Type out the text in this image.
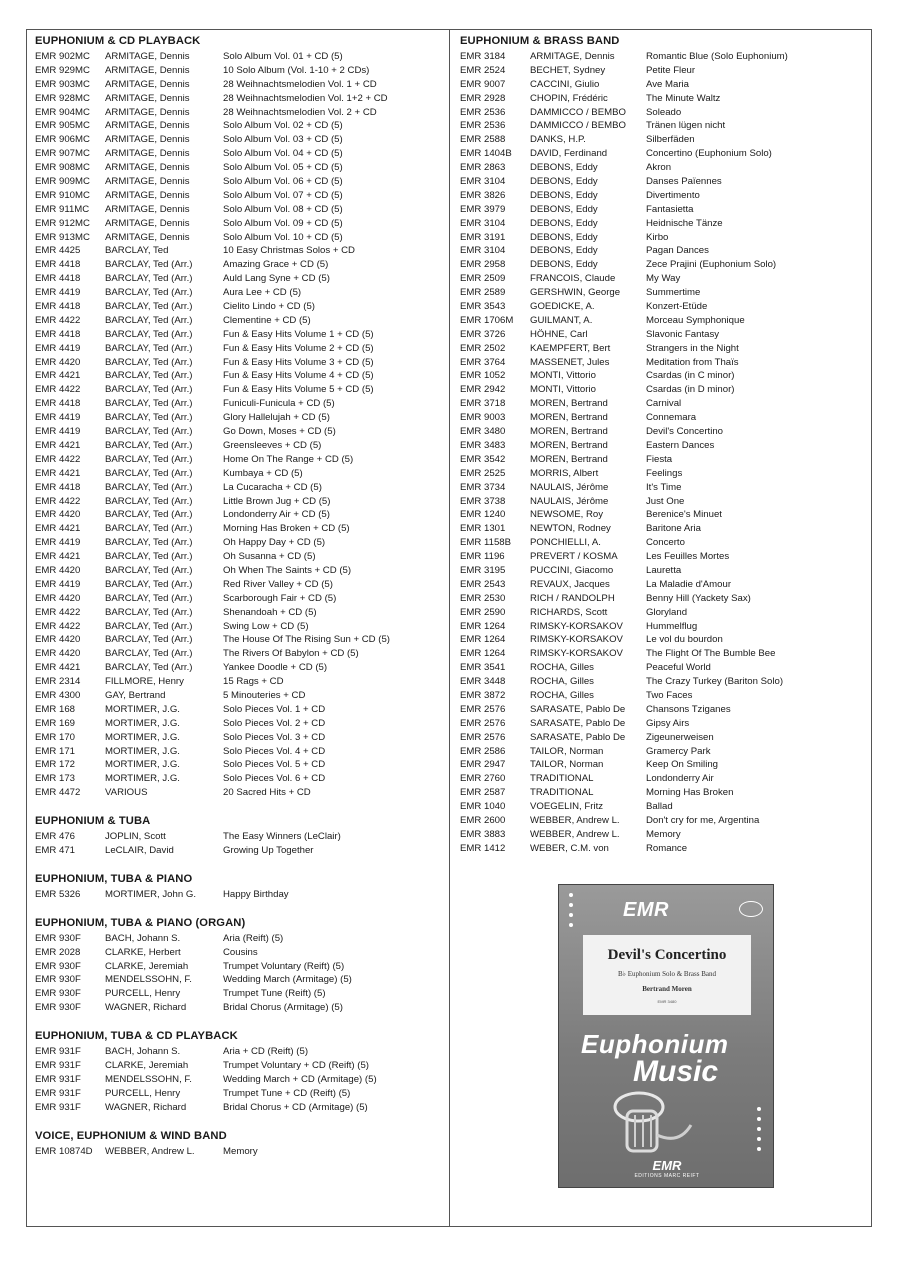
EUPHONIUM & CD PLAYBACK
EMR 902MC	ARMITAGE, Dennis	Solo Album Vol. 01 + CD (5)
EMR 929MC	ARMITAGE, Dennis	10 Solo Album (Vol. 1-10 + 2 CDs)
EMR 903MC	ARMITAGE, Dennis	28 Weihnachtsmelodien Vol. 1 + CD
EMR 928MC	ARMITAGE, Dennis	28 Weihnachtsmelodien Vol. 1+2 + CD
EMR 904MC	ARMITAGE, Dennis	28 Weihnachtsmelodien Vol. 2 + CD
EMR 905MC	ARMITAGE, Dennis	Solo Album Vol. 02 + CD (5)
EMR 906MC	ARMITAGE, Dennis	Solo Album Vol. 03 + CD (5)
EMR 907MC	ARMITAGE, Dennis	Solo Album Vol. 04 + CD (5)
EMR 908MC	ARMITAGE, Dennis	Solo Album Vol. 05 + CD (5)
EMR 909MC	ARMITAGE, Dennis	Solo Album Vol. 06 + CD (5)
EMR 910MC	ARMITAGE, Dennis	Solo Album Vol. 07 + CD (5)
EMR 911MC	ARMITAGE, Dennis	Solo Album Vol. 08 + CD (5)
EMR 912MC	ARMITAGE, Dennis	Solo Album Vol. 09 + CD (5)
EMR 913MC	ARMITAGE, Dennis	Solo Album Vol. 10 + CD (5)
EMR 4425	BARCLAY, Ted	10 Easy Christmas Solos + CD
EMR 4418	BARCLAY, Ted (Arr.)	Amazing Grace + CD (5)
EMR 4418	BARCLAY, Ted (Arr.)	Auld Lang Syne + CD (5)
EMR 4419	BARCLAY, Ted (Arr.)	Aura Lee + CD (5)
EMR 4418	BARCLAY, Ted (Arr.)	Cielito Lindo + CD (5)
EMR 4422	BARCLAY, Ted (Arr.)	Clementine + CD (5)
EMR 4418	BARCLAY, Ted (Arr.)	Fun & Easy Hits Volume 1 + CD (5)
EMR 4419	BARCLAY, Ted (Arr.)	Fun & Easy Hits Volume 2 + CD (5)
EMR 4420	BARCLAY, Ted (Arr.)	Fun & Easy Hits Volume 3 + CD (5)
EMR 4421	BARCLAY, Ted (Arr.)	Fun & Easy Hits Volume 4 + CD (5)
EMR 4422	BARCLAY, Ted (Arr.)	Fun & Easy Hits Volume 5 + CD (5)
EMR 4418	BARCLAY, Ted (Arr.)	Funiculi-Funicula + CD (5)
EMR 4419	BARCLAY, Ted (Arr.)	Glory Hallelujah + CD (5)
EMR 4419	BARCLAY, Ted (Arr.)	Go Down, Moses + CD (5)
EMR 4421	BARCLAY, Ted (Arr.)	Greensleeves + CD (5)
EMR 4422	BARCLAY, Ted (Arr.)	Home On The Range + CD (5)
EMR 4421	BARCLAY, Ted (Arr.)	Kumbaya + CD (5)
EMR 4418	BARCLAY, Ted (Arr.)	La Cucaracha + CD (5)
EMR 4422	BARCLAY, Ted (Arr.)	Little Brown Jug + CD (5)
EMR 4420	BARCLAY, Ted (Arr.)	Londonderry Air + CD (5)
EMR 4421	BARCLAY, Ted (Arr.)	Morning Has Broken + CD (5)
EMR 4419	BARCLAY, Ted (Arr.)	Oh Happy Day + CD (5)
EMR 4421	BARCLAY, Ted (Arr.)	Oh Susanna + CD (5)
EMR 4420	BARCLAY, Ted (Arr.)	Oh When The Saints + CD (5)
EMR 4419	BARCLAY, Ted (Arr.)	Red River Valley + CD (5)
EMR 4420	BARCLAY, Ted (Arr.)	Scarborough Fair + CD (5)
EMR 4422	BARCLAY, Ted (Arr.)	Shenandoah + CD (5)
EMR 4422	BARCLAY, Ted (Arr.)	Swing Low + CD (5)
EMR 4420	BARCLAY, Ted (Arr.)	The House Of The Rising Sun + CD (5)
EMR 4420	BARCLAY, Ted (Arr.)	The Rivers Of Babylon + CD (5)
EMR 4421	BARCLAY, Ted (Arr.)	Yankee Doodle + CD (5)
EMR 2314	FILLMORE, Henry	15 Rags + CD
EMR 4300	GAY, Bertrand	5 Minouteries + CD
EMR 168	MORTIMER, J.G.	Solo Pieces Vol. 1 + CD
EMR 169	MORTIMER, J.G.	Solo Pieces Vol. 2 + CD
EMR 170	MORTIMER, J.G.	Solo Pieces Vol. 3 + CD
EMR 171	MORTIMER, J.G.	Solo Pieces Vol. 4 + CD
EMR 172	MORTIMER, J.G.	Solo Pieces Vol. 5 + CD
EMR 173	MORTIMER, J.G.	Solo Pieces Vol. 6 + CD
EMR 4472	VARIOUS	20 Sacred Hits + CD
EUPHONIUM & TUBA
EMR 476	JOPLIN, Scott	The Easy Winners (LeClair)
EMR 471	LeCLAIR, David	Growing Up Together
EUPHONIUM, TUBA & PIANO
EMR 5326	MORTIMER, John G.	Happy Birthday
EUPHONIUM, TUBA & PIANO (ORGAN)
EMR 930F	BACH, Johann S.	Aria (Reift) (5)
EMR 2028	CLARKE, Herbert	Cousins
EMR 930F	CLARKE, Jeremiah	Trumpet Voluntary (Reift) (5)
EMR 930F	MENDELSSOHN, F.	Wedding March (Armitage) (5)
EMR 930F	PURCELL, Henry	Trumpet Tune (Reift) (5)
EMR 930F	WAGNER, Richard	Bridal Chorus (Armitage) (5)
EUPHONIUM, TUBA & CD PLAYBACK
EMR 931F	BACH, Johann S.	Aria + CD (Reift) (5)
EMR 931F	CLARKE, Jeremiah	Trumpet Voluntary + CD (Reift) (5)
EMR 931F	MENDELSSOHN, F.	Wedding March + CD (Armitage) (5)
EMR 931F	PURCELL, Henry	Trumpet Tune + CD (Reift) (5)
EMR 931F	WAGNER, Richard	Bridal Chorus + CD (Armitage) (5)
VOICE, EUPHONIUM & WIND BAND
EMR 10874D	WEBBER, Andrew L.	Memory
EUPHONIUM & BRASS BAND
EMR 3184	ARMITAGE, Dennis	Romantic Blue (Solo Euphonium)
EMR 2524	BECHET, Sydney	Petite Fleur
EMR 9007	CACCINI, Giulio	Ave Maria
EMR 2928	CHOPIN, Frédéric	The Minute Waltz
EMR 2536	DAMMICCO / BEMBO	Soleado
EMR 2536	DAMMICCO / BEMBO	Tränen lügen nicht
EMR 2588	DANKS, H.P.	Silberfäden
EMR 1404B	DAVID, Ferdinand	Concertino (Euphonium Solo)
EMR 2863	DEBONS, Eddy	Akron
EMR 3104	DEBONS, Eddy	Danses Païennes
EMR 3826	DEBONS, Eddy	Divertimento
EMR 3979	DEBONS, Eddy	Fantasietta
EMR 3104	DEBONS, Eddy	Heidnische Tänze
EMR 3191	DEBONS, Eddy	Kirbo
EMR 3104	DEBONS, Eddy	Pagan Dances
EMR 2958	DEBONS, Eddy	Zece Prajini (Euphonium Solo)
EMR 2509	FRANCOIS, Claude	My Way
EMR 2589	GERSHWIN, George	Summertime
EMR 3543	GOEDICKE, A.	Konzert-Etüde
EMR 1706M	GUILMANT, A.	Morceau Symphonique
EMR 3726	HÖHNE, Carl	Slavonic Fantasy
EMR 2502	KAEMPFERT, Bert	Strangers in the Night
EMR 3764	MASSENET, Jules	Meditation from Thaïs
EMR 1052	MONTI, Vittorio	Csardas (in C minor)
EMR 2942	MONTI, Vittorio	Csardas (in D minor)
EMR 3718	MOREN, Bertrand	Carnival
EMR 9003	MOREN, Bertrand	Connemara
EMR 3480	MOREN, Bertrand	Devil's Concertino
EMR 3483	MOREN, Bertrand	Eastern Dances
EMR 3542	MOREN, Bertrand	Fiesta
EMR 2525	MORRIS, Albert	Feelings
EMR 3734	NAULAIS, Jérôme	It's Time
EMR 3738	NAULAIS, Jérôme	Just One
EMR 1240	NEWSOME, Roy	Berenice's Minuet
EMR 1301	NEWTON, Rodney	Baritone Aria
EMR 1158B	PONCHIELLI, A.	Concerto
EMR 1196	PREVERT / KOSMA	Les Feuilles Mortes
EMR 3195	PUCCINI, Giacomo	Lauretta
EMR 2543	REVAUX, Jacques	La Maladie d'Amour
EMR 2530	RICH / RANDOLPH	Benny Hill (Yackety Sax)
EMR 2590	RICHARDS, Scott	Gloryland
EMR 1264	RIMSKY-KORSAKOV	Hummelflug
EMR 1264	RIMSKY-KORSAKOV	Le vol du bourdon
EMR 1264	RIMSKY-KORSAKOV	The Flight Of The Bumble Bee
EMR 3541	ROCHA, Gilles	Peaceful World
EMR 3448	ROCHA, Gilles	The Crazy Turkey (Bariton Solo)
EMR 3872	ROCHA, Gilles	Two Faces
EMR 2576	SARASATE, Pablo De	Chansons Tziganes
EMR 2576	SARASATE, Pablo De	Gipsy Airs
EMR 2576	SARASATE, Pablo De	Zigeunerweisen
EMR 2586	TAILOR, Norman	Gramercy Park
EMR 2947	TAILOR, Norman	Keep On Smiling
EMR 2760	TRADITIONAL	Londonderry Air
EMR 2587	TRADITIONAL	Morning Has Broken
EMR 1040	VOEGELIN, Fritz	Ballad
EMR 2600	WEBBER, Andrew L.	Don't cry for me, Argentina
EMR 3883	WEBBER, Andrew L.	Memory
EMR 1412	WEBER, C.M. von	Romance
EMR
Devil's Concertino
B♭ Euphonium Solo & Brass Band
Bertrand Moren
EMR 3480
Euphonium
Music
EMR
EDITIONS MARC REIFT
